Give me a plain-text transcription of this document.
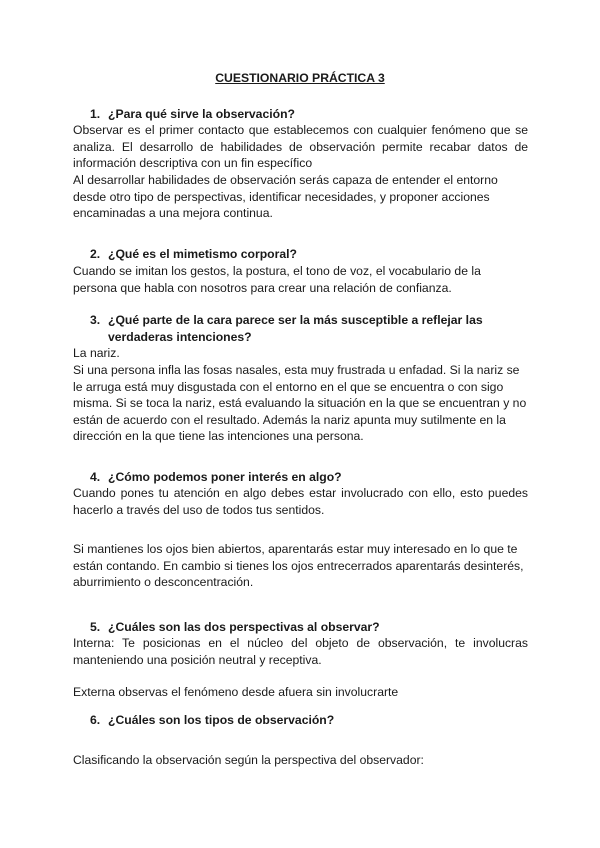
CUESTIONARIO PRÁCTICA 3
1. ¿Para qué sirve la observación?

Observar es el primer contacto que establecemos con cualquier fenómeno que se analiza. El desarrollo de habilidades de observación permite recabar datos de información descriptiva con un fin específico

Al desarrollar habilidades de observación serás capaza de entender el entorno desde otro tipo de perspectivas, identificar necesidades, y proponer acciones encaminadas a una mejora continua.

2. ¿Qué es el mimetismo corporal?

Cuando se imitan los gestos, la postura, el tono de voz, el vocabulario de la persona que habla con nosotros para crear una relación de confianza.

3. ¿Qué parte de la cara parece ser la más susceptible a reflejar las verdaderas intenciones?

La nariz.

Si una persona infla las fosas nasales, esta muy frustrada u enfadad. Si la nariz se le arruga está muy disgustada con el entorno en el que se encuentra o con sigo misma. Si se toca la nariz, está evaluando la situación en la que se encuentran y no están de acuerdo con el resultado. Además la nariz apunta muy sutilmente en la dirección en la que tiene las intenciones una persona.

4. ¿Cómo podemos poner interés en algo?

Cuando pones tu atención en algo debes estar involucrado con ello, esto puedes hacerlo a través del uso de todos tus sentidos.

Si mantienes los ojos bien abiertos, aparentarás estar muy interesado en lo que te están contando. En cambio si tienes los ojos entrecerrados aparentarás desinterés, aburrimiento o desconcentración.

5. ¿Cuáles son las dos perspectivas al observar?

Interna: Te posicionas en el núcleo del objeto de observación, te involucras manteniendo una posición neutral y receptiva.

Externa observas el fenómeno desde afuera sin involucrarte

6. ¿Cuáles son los tipos de observación?

Clasificando la observación según la perspectiva del observador:
